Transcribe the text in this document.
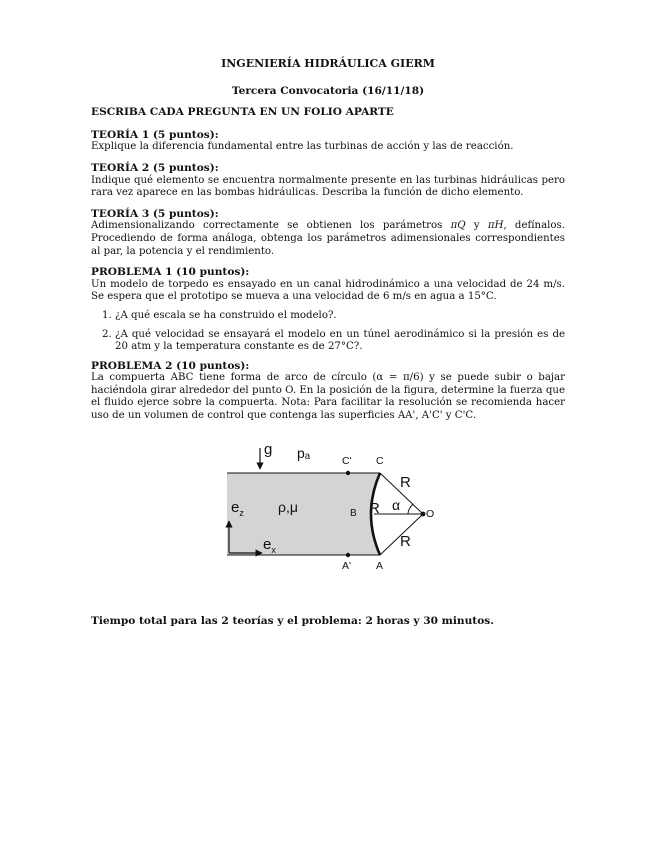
INGENIERÍA HIDRÁULICA GIERM
Tercera Convocatoria (16/11/18)
ESCRIBA CADA PREGUNTA EN UN FOLIO APARTE
TEORÍA 1 (5 puntos):
Explique la diferencia fundamental entre las turbinas de acción y las de reacción.
TEORÍA 2 (5 puntos):
Indique qué elemento se encuentra normalmente presente en las turbinas hidráulicas pero rara vez aparece en las bombas hidráulicas. Describa la función de dicho elemento.
TEORÍA 3 (5 puntos):
Adimensionalizando correctamente se obtienen los parámetros πQ y πH, defínalos. Procediendo de forma análoga, obtenga los parámetros adimensionales correspondientes al par, la potencia y el rendimiento.
PROBLEMA 1 (10 puntos):
Un modelo de torpedo es ensayado en un canal hidrodinámico a una velocidad de 24 m/s. Se espera que el prototipo se mueva a una velocidad de 6 m/s en agua a 15°C.
1. ¿A qué escala se ha construido el modelo?.
2. ¿A qué velocidad se ensayará el modelo en un túnel aerodinámico si la presión es de 20 atm y la temperatura constante es de 27°C?.
PROBLEMA 2 (10 puntos):
La compuerta ABC tiene forma de arco de círculo (α = π/6) y se puede subir o bajar haciéndola girar alrededor del punto O. En la posición de la figura, determine la fuerza que el fluido ejerce sobre la compuerta. Nota: Para facilitar la resolución se recomienda hacer uso de un volumen de control que contenga las superficies AA', A'C' y C'C.
g pₐ	C' C
A' A
B	O
R
R
R
α
ρ,μ
$e_z$
$e_x$
Tiempo total para las 2 teorías y el problema: 2 horas y 30 minutos.
